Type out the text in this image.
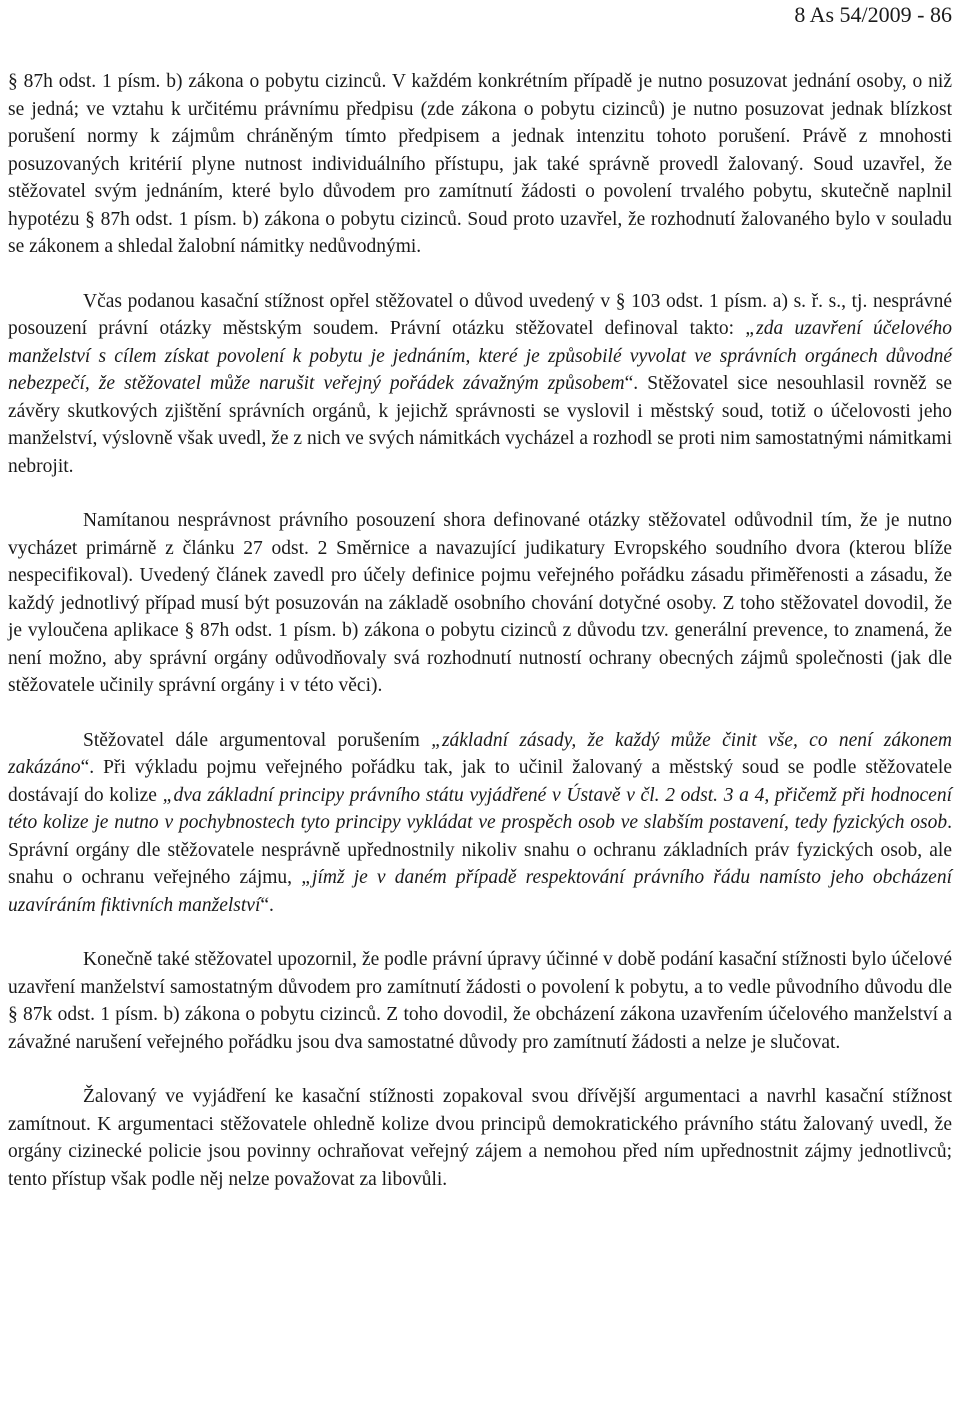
8 As 54/2009 - 86

§ 87h odst. 1 písm. b) zákona o pobytu cizinců. V každém konkrétním případě je nutno posuzovat jednání osoby, o niž se jedná; ve vztahu k určitému právnímu předpisu (zde zákona o pobytu cizinců) je nutno posuzovat jednak blízkost porušení normy k zájmům chráněným tímto předpisem a jednak intenzitu tohoto porušení. Právě z mnohosti posuzovaných kritérií plyne nutnost individuálního přístupu, jak také správně provedl žalovaný. Soud uzavřel, že stěžovatel svým jednáním, které bylo důvodem pro zamítnutí žádosti o povolení trvalého pobytu, skutečně naplnil hypotézu § 87h odst. 1 písm. b) zákona o pobytu cizinců. Soud proto uzavřel, že rozhodnutí žalovaného bylo v souladu se zákonem a shledal žalobní námitky nedůvodnými.

Včas podanou kasační stížnost opřel stěžovatel o důvod uvedený v § 103 odst. 1 písm. a) s. ř. s., tj. nesprávné posouzení právní otázky městským soudem. Právní otázku stěžovatel definoval takto: „zda uzavření účelového manželství s cílem získat povolení k pobytu je jednáním, které je způsobilé vyvolat ve správních orgánech důvodné nebezpečí, že stěžovatel může narušit veřejný pořádek závažným způsobem“. Stěžovatel sice nesouhlasil rovněž se závěry skutkových zjištění správních orgánů, k jejichž správnosti se vyslovil i městský soud, totiž o účelovosti jeho manželství, výslovně však uvedl, že z nich ve svých námitkách vycházel a rozhodl se proti nim samostatnými námitkami nebrojit.

Namítanou nesprávnost právního posouzení shora definované otázky stěžovatel odůvodnil tím, že je nutno vycházet primárně z článku 27 odst. 2 Směrnice a navazující judikatury Evropského soudního dvora (kterou blíže nespecifikoval). Uvedený článek zavedl pro účely definice pojmu veřejného pořádku zásadu přiměřenosti a zásadu, že každý jednotlivý případ musí být posuzován na základě osobního chování dotyčné osoby. Z toho stěžovatel dovodil, že je vyloučena aplikace § 87h odst. 1 písm. b) zákona o pobytu cizinců z důvodu tzv. generální prevence, to znamená, že není možno, aby správní orgány odůvodňovaly svá rozhodnutí nutností ochrany obecných zájmů společnosti (jak dle stěžovatele učinily správní orgány i v této věci).

Stěžovatel dále argumentoval porušením „základní zásady, že každý může činit vše, co není zákonem zakázáno“. Při výkladu pojmu veřejného pořádku tak, jak to učinil žalovaný a městský soud se podle stěžovatele dostávají do kolize „dva základní principy právního státu vyjádřené v Ústavě v čl. 2 odst. 3 a 4, přičemž při hodnocení této kolize je nutno v pochybnostech tyto principy vykládat ve prospěch osob ve slabším postavení, tedy fyzických osob. Správní orgány dle stěžovatele nesprávně upřednostnily nikoliv snahu o ochranu základních práv fyzických osob, ale snahu o ochranu veřejného zájmu, „jímž je v daném případě respektování právního řádu namísto jeho obcházení uzavíráním fiktivních manželství“.

Konečně také stěžovatel upozornil, že podle právní úpravy účinné v době podání kasační stížnosti bylo účelové uzavření manželství samostatným důvodem pro zamítnutí žádosti o povolení k pobytu, a to vedle původního důvodu dle § 87k odst. 1 písm. b) zákona o pobytu cizinců. Z toho dovodil, že obcházení zákona uzavřením účelového manželství a závažné narušení veřejného pořádku jsou dva samostatné důvody pro zamítnutí žádosti a nelze je slučovat.

Žalovaný ve vyjádření ke kasační stížnosti zopakoval svou dřívější argumentaci a navrhl kasační stížnost zamítnout. K argumentaci stěžovatele ohledně kolize dvou principů demokratického právního státu žalovaný uvedl, že orgány cizinecké policie jsou povinny ochraňovat veřejný zájem a nemohou před ním upřednostnit zájmy jednotlivců; tento přístup však podle něj nelze považovat za libovůli.
